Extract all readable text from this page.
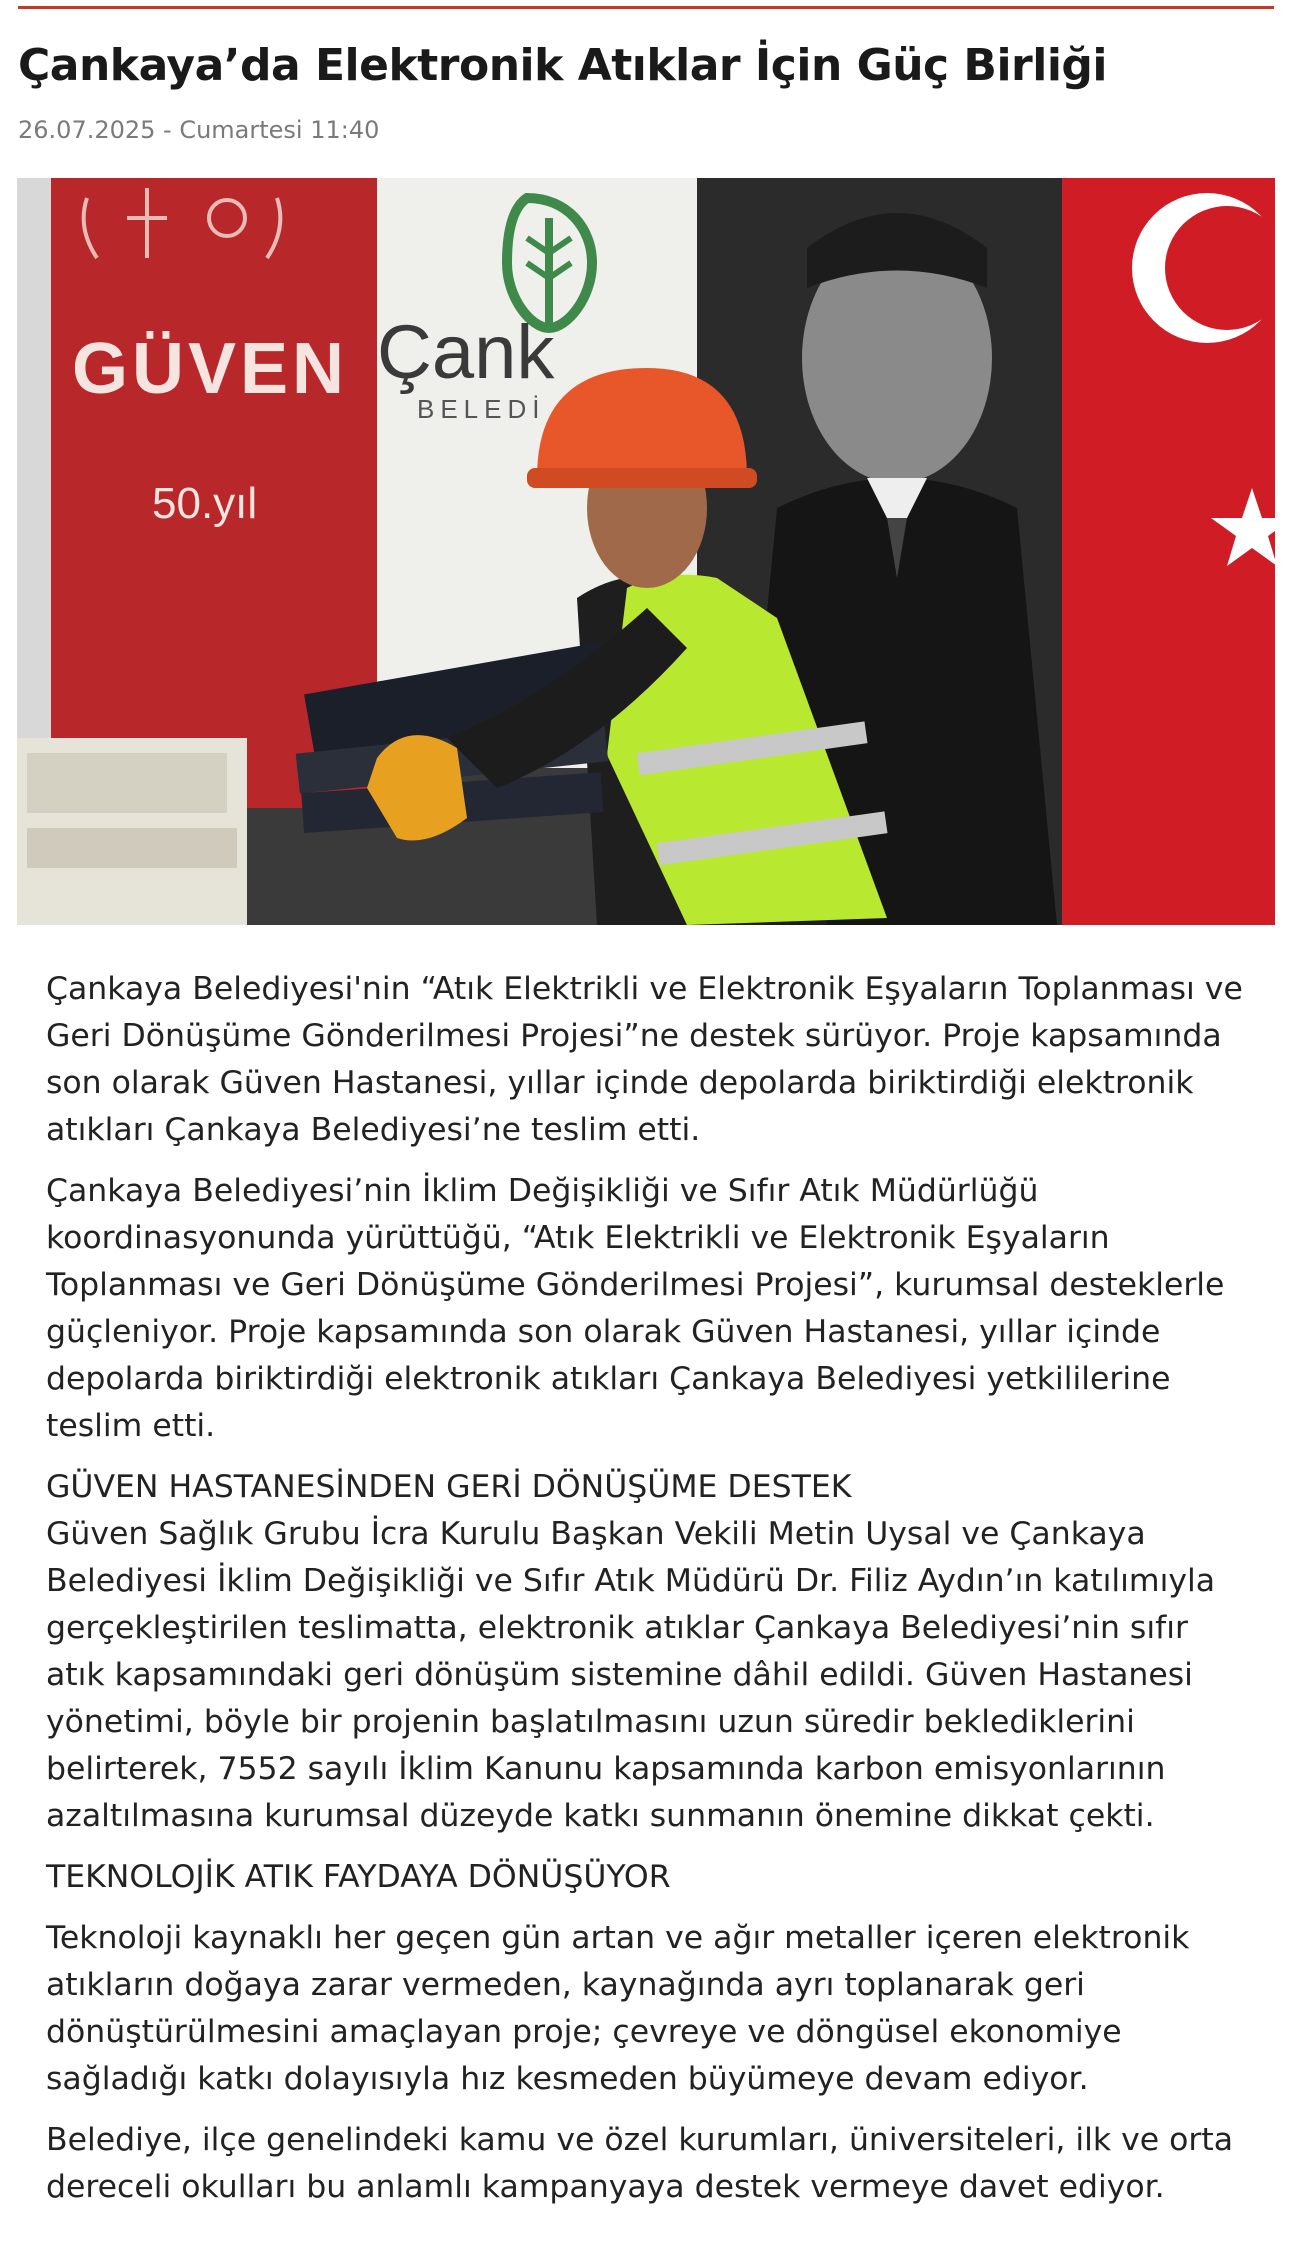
Çankaya’da Elektronik Atıklar İçin Güç Birliği
26.07.2025 - Cumartesi 11:40
GÜVEN
50.yıl
Çank
BELEDİ

Çankaya Belediyesi'nin “Atık Elektrikli ve Elektronik Eşyaların Toplanması ve Geri Dönüşüme Gönderilmesi Projesi”ne destek sürüyor. Proje kapsamında son olarak Güven Hastanesi, yıllar içinde depolarda biriktirdiği elektronik atıkları Çankaya Belediyesi’ne teslim etti.

Çankaya Belediyesi’nin İklim Değişikliği ve Sıfır Atık Müdürlüğü koordinasyonunda yürüttüğü, “Atık Elektrikli ve Elektronik Eşyaların Toplanması ve Geri Dönüşüme Gönderilmesi Projesi”, kurumsal desteklerle güçleniyor. Proje kapsamında son olarak Güven Hastanesi, yıllar içinde depolarda biriktirdiği elektronik atıkları Çankaya Belediyesi yetkililerine teslim etti.

GÜVEN HASTANESİNDEN GERİ DÖNÜŞÜME DESTEK

Güven Sağlık Grubu İcra Kurulu Başkan Vekili Metin Uysal ve Çankaya Belediyesi İklim Değişikliği ve Sıfır Atık Müdürü Dr. Filiz Aydın’ın katılımıyla gerçekleştirilen teslimatta, elektronik atıklar Çankaya Belediyesi’nin sıfır atık kapsamındaki geri dönüşüm sistemine dâhil edildi. Güven Hastanesi yönetimi, böyle bir projenin başlatılmasını uzun süredir beklediklerini belirterek, 7552 sayılı İklim Kanunu kapsamında karbon emisyonlarının azaltılmasına kurumsal düzeyde katkı sunmanın önemine dikkat çekti.

TEKNOLOJİK ATIK FAYDAYA DÖNÜŞÜYOR

Teknoloji kaynaklı her geçen gün artan ve ağır metaller içeren elektronik atıkların doğaya zarar vermeden, kaynağında ayrı toplanarak geri dönüştürülmesini amaçlayan proje; çevreye ve döngüsel ekonomiye sağladığı katkı dolayısıyla hız kesmeden büyümeye devam ediyor.

Belediye, ilçe genelindeki kamu ve özel kurumları, üniversiteleri, ilk ve orta dereceli okulları bu anlamlı kampanyaya destek vermeye davet ediyor.
